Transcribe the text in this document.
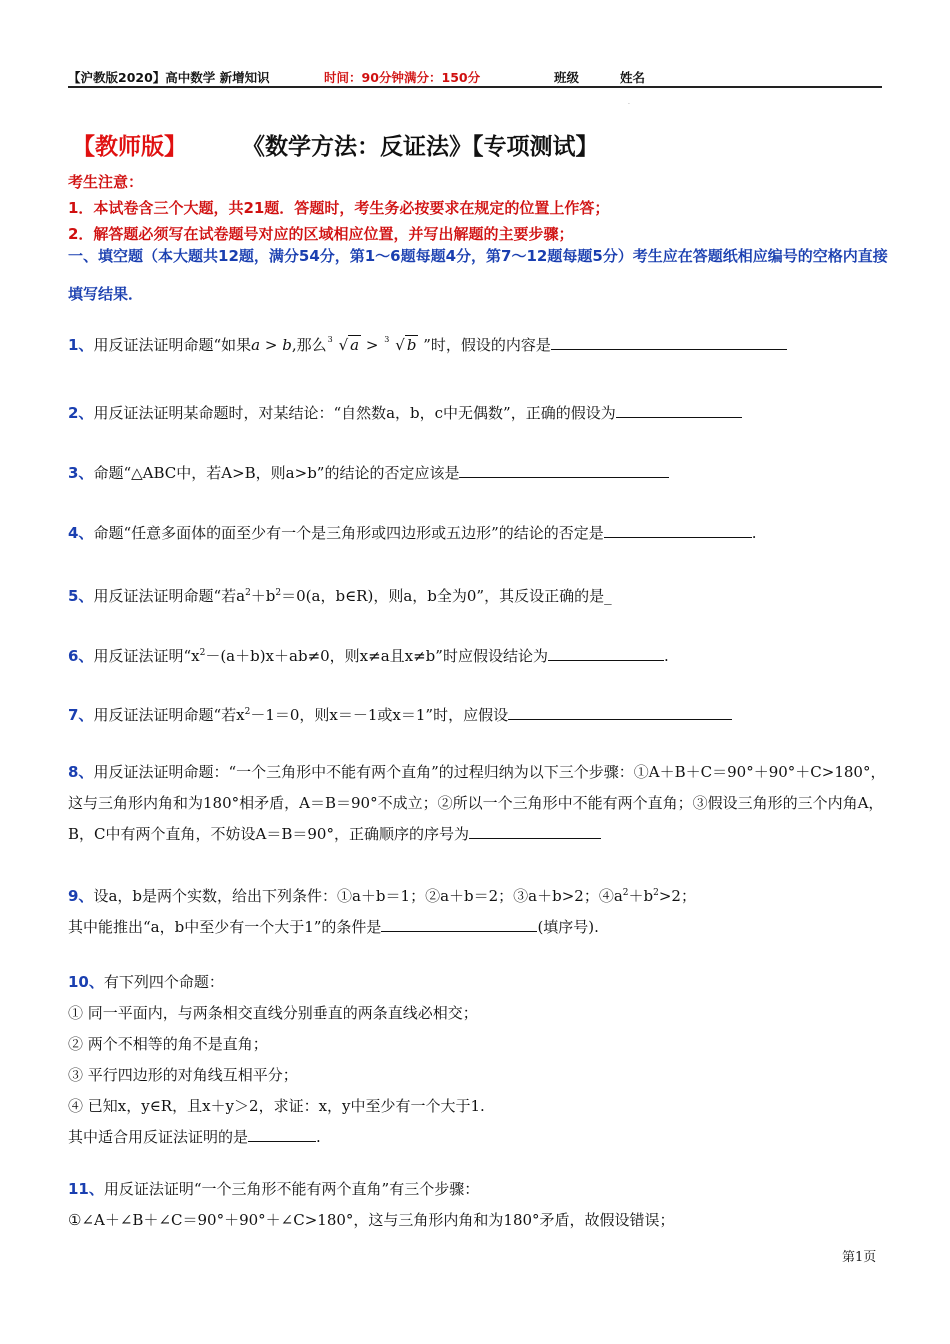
【沪教版2020】高中数学 新增知识	时间：90分钟 满分：150分	班级	姓名
.
【教师版】 《数学方法：反证法》【专项测试】
考生注意：
1．本试卷含三个大题，共21题．答题时，考生务必按要求在规定的位置上作答；
2．解答题必须写在试卷题号对应的区域相应位置，并写出解题的主要步骤；
一、填空题（本大题共12题，满分54分，第1～6题每题4分，第7～12题每题5分）考生应在答题纸相应编号的空格内直接填写结果．
1、用反证法证明命题“如果a > b,那么 3 √ a > 3 √ b ”时，假设的内容是
2、用反证法证明某命题时，对某结论：“自然数a，b，c中无偶数”，正确的假设为
3、命题“△ABC中，若A>B，则a>b”的结论的否定应该是
4、命题“任意多面体的面至少有一个是三角形或四边形或五边形”的结论的否定是	.
5、用反证法证明命题“若$a^2+b^2=0(a$，b∈R)，则a，b全为0”，其反设正确的是_
6、用反证法证明“$x^2-(a+b)x+ab\ne 0$，则x≠a且x≠b”时应假设结论为	.
7、用反证法证明命题“若$x^2-1=0$，则x＝－1或x＝1”时，应假设
8、用反证法证明命题：“一个三角形中不能有两个直角”的过程归纳为以下三个步骤：①A＋B＋C＝90°＋90°＋C>180°，这与三角形内角和为180°相矛盾，A＝B＝90°不成立；②所以一个三角形中不能有两个直角；③假设三角形的三个内角A，B，C中有两个直角，不妨设A＝B＝90°，正确顺序的序号为
9、设a，b是两个实数，给出下列条件：①a＋b＝1；②a＋b＝2；③a＋b>2；$④a^2+b^2>2$；
其中能推出“a，b中至少有一个大于1”的条件是	(填序号).
10、有下列四个命题：
① 同一平面内，与两条相交直线分别垂直的两条直线必相交；
② 两个不相等的角不是直角；
③ 平行四边形的对角线互相平分；
④ 已知x，y∈R，且x＋y＞2，求证：x，y中至少有一个大于1.
其中适合用反证法证明的是	.
11、用反证法证明“一个三角形不能有两个直角”有三个步骤：
①∠A＋∠B＋∠C＝90°＋90°＋∠C>180°，这与三角形内角和为180°矛盾，故假设错误；
第1页
